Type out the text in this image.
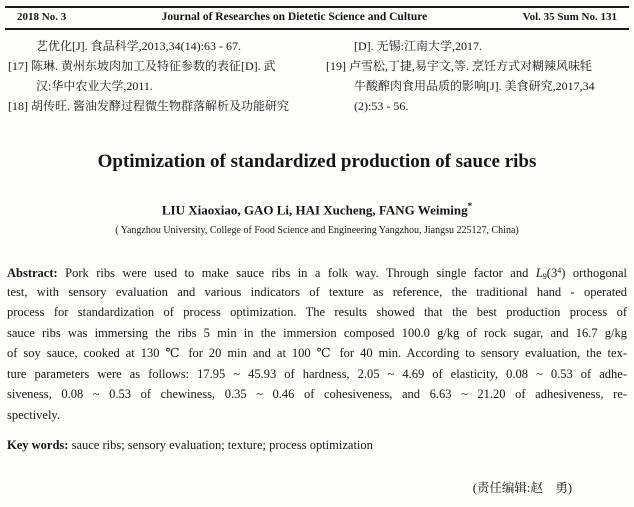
2018 No. 3	Journal of Researches on Dietetic Science and Culture	Vol. 35 Sum No. 131
艺优化[J]. 食品科学,2013,34(14):63 - 67.
[17] 陈琳. 黄州东坡肉加工及特征参数的表征[D]. 武
汉:华中农业大学,2011.
[18] 胡传旺. 酱油发酵过程微生物群落解析及功能研究
[D]. 无锡:江南大学,2017.
[19] 卢雪松,丁捷,易宇文,等. 烹饪方式对糊辣风味牦
牛酸醡肉食用品质的影响[J]. 美食研究,2017,34
(2):53 - 56.
Optimization of standardized production of sauce ribs
LIU Xiaoxiao, GAO Li, HAI Xucheng, FANG Weiming*
( Yangzhou University, College of Food Science and Engineering Yangzhou, Jiangsu 225127, China)
Abstract: Pork ribs were used to make sauce ribs in a folk way. Through single factor and $L_9(3^4)$ orthogonal
test, with sensory evaluation and various indicators of texture as reference, the traditional hand - operated
process for standardization of process optimization. The results showed that the best production process of
sauce ribs was immersing the ribs 5 min in the immersion composed 100.0 g/kg of rock sugar, and 16.7 g/kg
of soy sauce, cooked at 130 ℃ for 20 min and at 100 ℃ for 40 min. According to sensory evaluation, the tex-
ture parameters were as follows: 17.95 ~ 45.93 of hardness, 2.05 ~ 4.69 of elasticity, 0.08 ~ 0.53 of adhe-
siveness, 0.08 ~ 0.53 of chewiness, 0.35 ~ 0.46 of cohesiveness, and 6.63 ~ 21.20 of adhesiveness, re-
spectively.
Key words: sauce ribs; sensory evaluation; texture; process optimization
(责任编辑:赵　勇)
